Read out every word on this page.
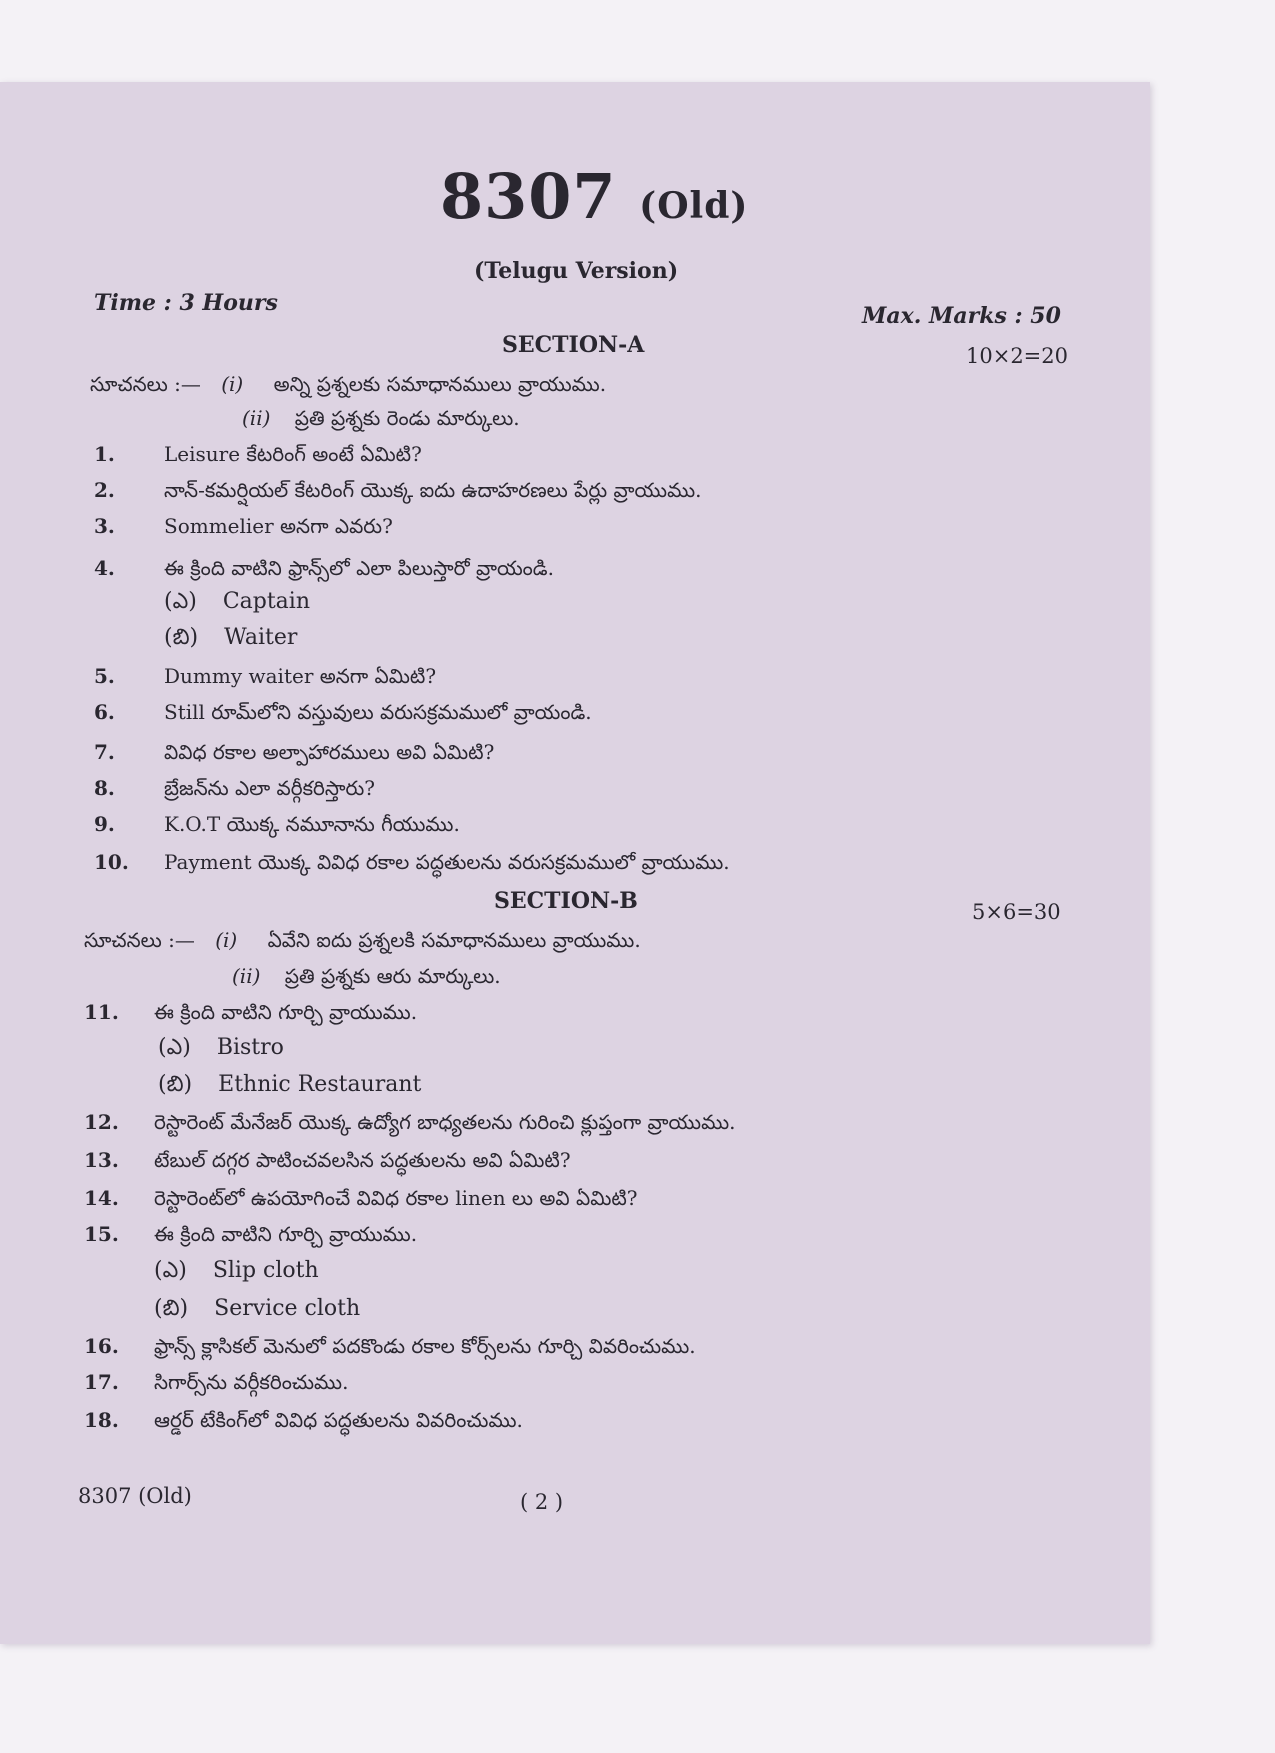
8307 (Old)
(Telugu Version)
Time : 3 Hours	Max. Marks : 50
SECTION-A	10×2=20
సూచనలు :— (i) అన్ని ప్రశ్నలకు సమాధానములు వ్రాయుము.
(ii) ప్రతి ప్రశ్నకు రెండు మార్కులు.
1. Leisure కేటరింగ్ అంటే ఏమిటి?
2. నాన్-కమర్షియల్ కేటరింగ్ యొక్క ఐదు ఉదాహరణలు పేర్లు వ్రాయుము.
3. Sommelier అనగా ఎవరు?
4. ఈ క్రింది వాటిని ఫ్రాన్స్‌లో ఎలా పిలుస్తారో వ్రాయండి.
(ఎ) Captain
(బి) Waiter
5. Dummy waiter అనగా ఏమిటి?
6. Still రూమ్‌లోని వస్తువులు వరుసక్రమములో వ్రాయండి.
7. వివిధ రకాల అల్పాహారములు అవి ఏమిటి?
8. బ్రేజన్‌ను ఎలా వర్గీకరిస్తారు?
9. K.O.T యొక్క నమూనాను గీయుము.
10. Payment యొక్క వివిధ రకాల పద్ధతులను వరుసక్రమములో వ్రాయుము.
SECTION-B	5×6=30
సూచనలు :— (i) ఏవేని ఐదు ప్రశ్నలకి సమాధానములు వ్రాయుము.
(ii) ప్రతి ప్రశ్నకు ఆరు మార్కులు.
11. ఈ క్రింది వాటిని గూర్చి వ్రాయుము.
(ఎ) Bistro
(బి) Ethnic Restaurant
12. రెస్టారెంట్ మేనేజర్ యొక్క ఉద్యోగ బాధ్యతలను గురించి క్లుప్తంగా వ్రాయుము.
13. టేబుల్ దగ్గర పాటించవలసిన పద్ధతులను అవి ఏమిటి?
14. రెస్టారెంట్‌లో ఉపయోగించే వివిధ రకాల linen లు అవి ఏమిటి?
15. ఈ క్రింది వాటిని గూర్చి వ్రాయుము.
(ఎ) Slip cloth
(బి) Service cloth
16. ఫ్రాన్స్ క్లాసికల్ మెనులో పదకొండు రకాల కోర్స్‌లను గూర్చి వివరించుము.
17. సిగార్స్‌ను వర్గీకరించుము.
18. ఆర్డర్ టేకింగ్‌లో వివిధ పద్ధతులను వివరించుము.
8307 (Old)	( 2 )
